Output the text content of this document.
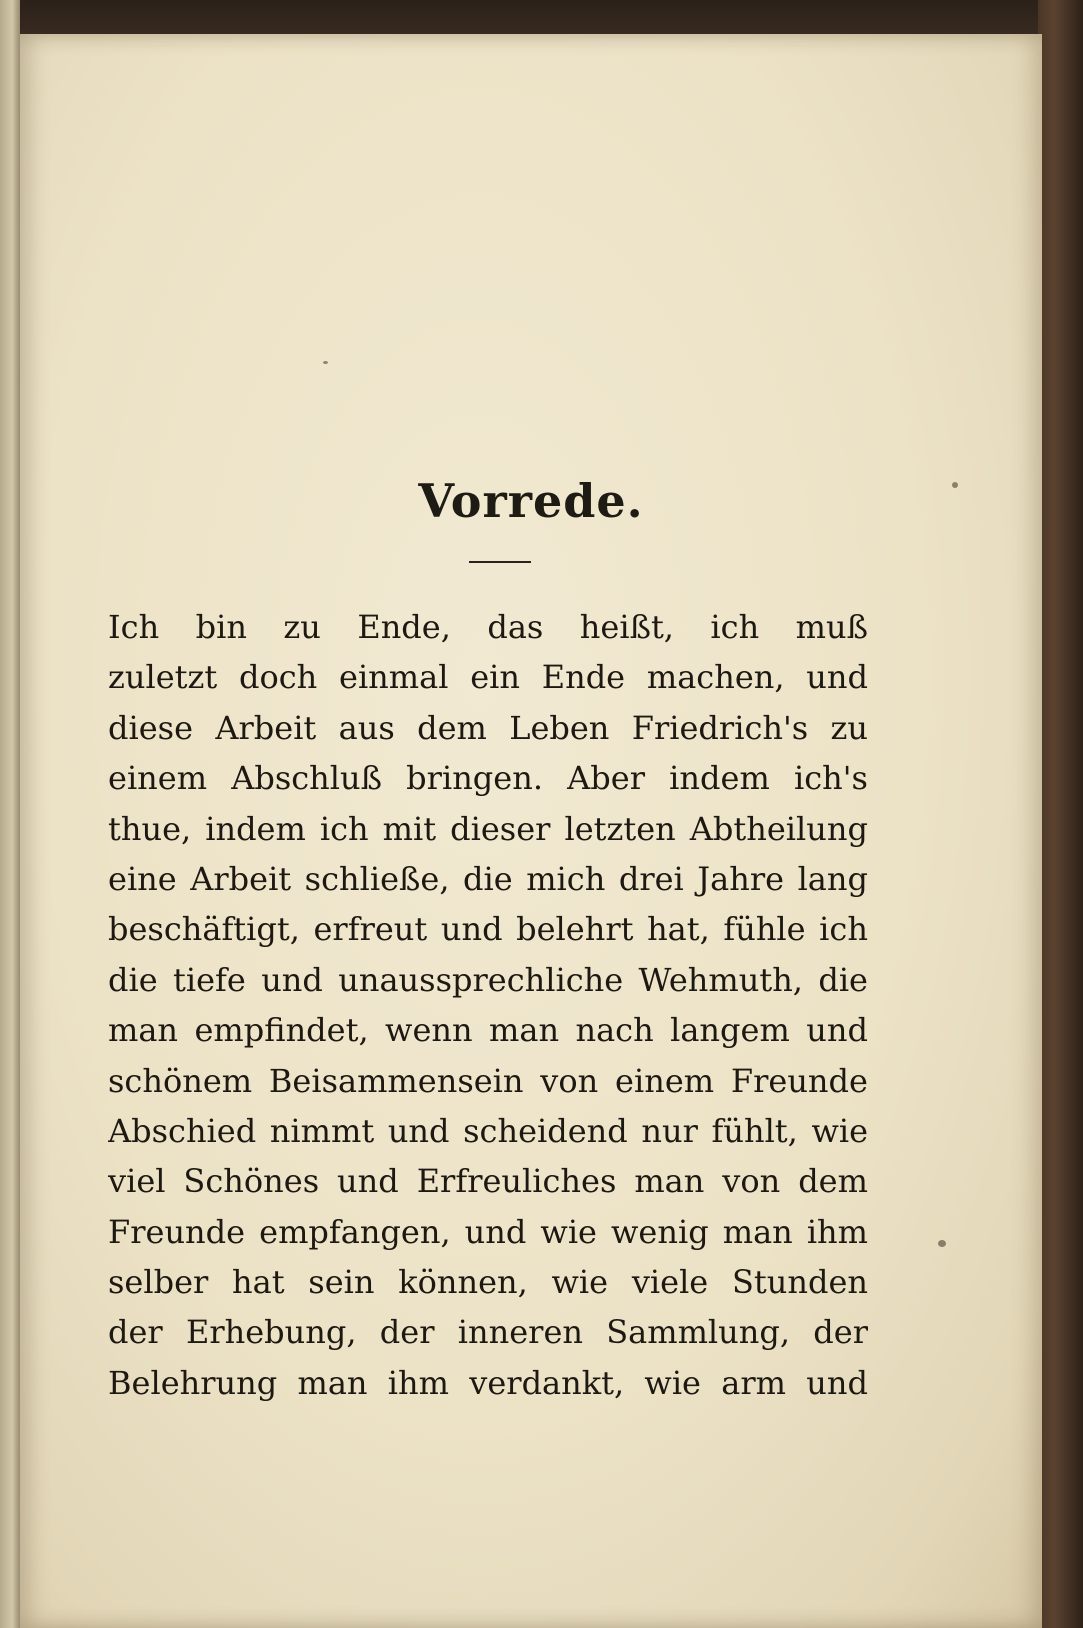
Vorrede.
Ich bin zu Ende, das heißt, ich muß
zuletzt doch einmal ein Ende machen, und
diese Arbeit aus dem Leben Friedrich's zu
einem Abschluß bringen. Aber indem ich's
thue, indem ich mit dieser letzten Abtheilung
eine Arbeit schließe, die mich drei Jahre lang
beschäftigt, erfreut und belehrt hat, fühle ich
die tiefe und unaussprechliche Wehmuth, die
man empfindet, wenn man nach langem und
schönem Beisammensein von einem Freunde
Abschied nimmt und scheidend nur fühlt, wie
viel Schönes und Erfreuliches man von dem
Freunde empfangen, und wie wenig man ihm
selber hat sein können, wie viele Stunden
der Erhebung, der inneren Sammlung, der
Belehrung man ihm verdankt, wie arm und
